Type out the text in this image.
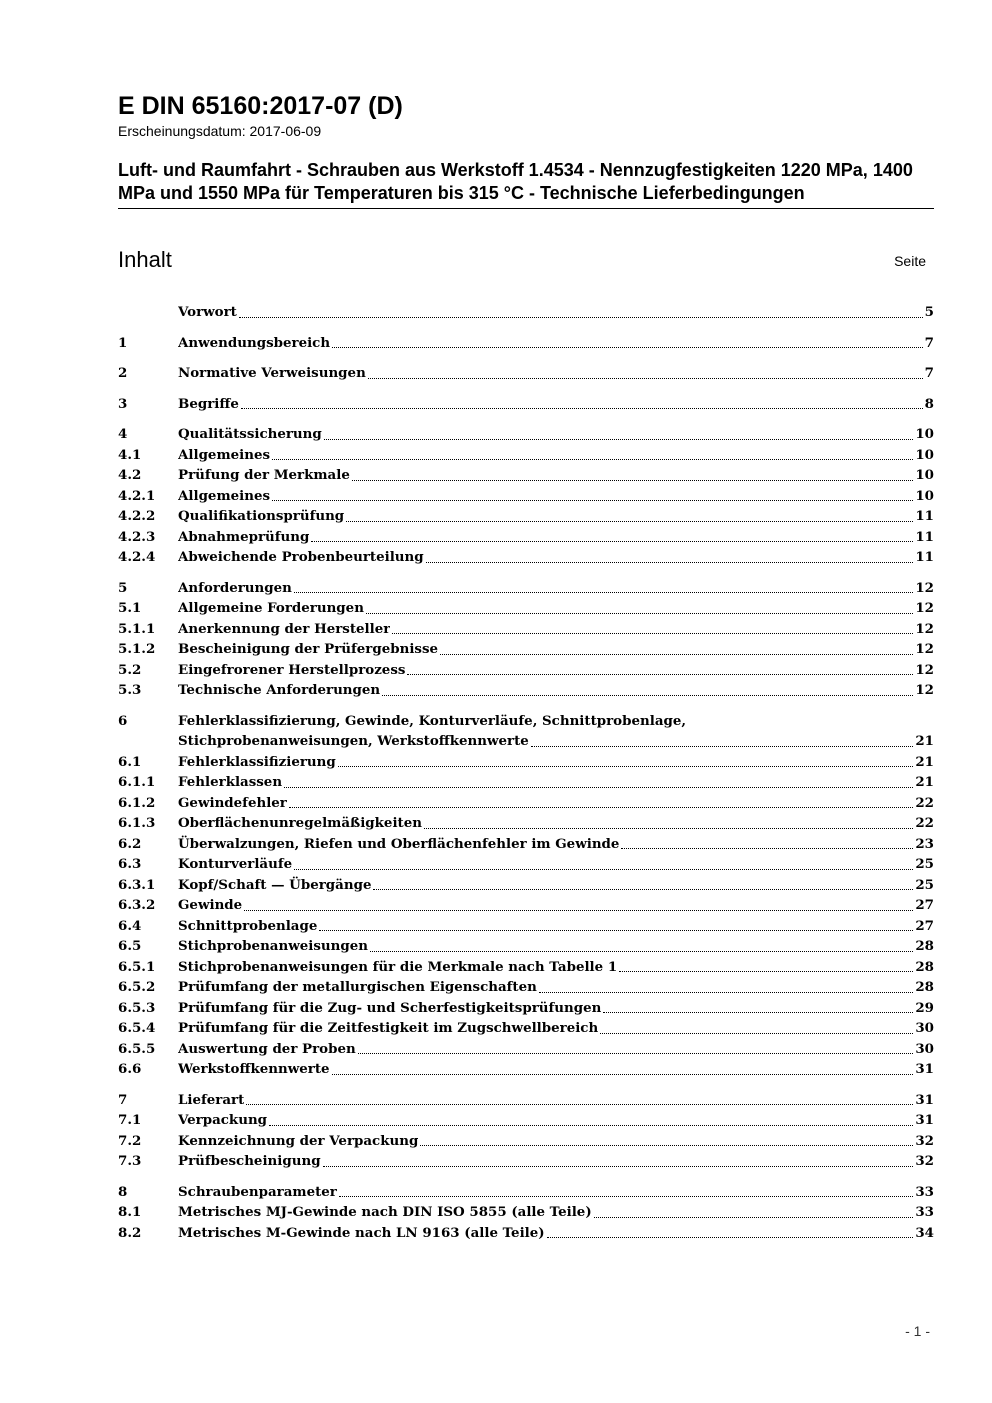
E DIN 65160:2017-07 (D)
Erscheinungsdatum: 2017-06-09
Luft- und Raumfahrt - Schrauben aus Werkstoff 1.4534 - Nennzugfestigkeiten 1220 MPa, 1400 MPa und 1550 MPa für Temperaturen bis 315 °C - Technische Lieferbedingungen
Inhalt	Seite
Vorwort	5
1	Anwendungsbereich	7
2	Normative Verweisungen	7
3	Begriffe	8
4	Qualitätssicherung	10
4.1	Allgemeines	10
4.2	Prüfung der Merkmale	10
4.2.1	Allgemeines	10
4.2.2	Qualifikationsprüfung	11
4.2.3	Abnahmeprüfung	11
4.2.4	Abweichende Probenbeurteilung	11
5	Anforderungen	12
5.1	Allgemeine Forderungen	12
5.1.1	Anerkennung der Hersteller	12
5.1.2	Bescheinigung der Prüfergebnisse	12
5.2	Eingefrorener Herstellprozess	12
5.3	Technische Anforderungen	12
6	Fehlerklassifizierung, Gewinde, Konturverläufe, Schnittprobenlage,
Stichprobenanweisungen, Werkstoffkennwerte	21
6.1	Fehlerklassifizierung	21
6.1.1	Fehlerklassen	21
6.1.2	Gewindefehler	22
6.1.3	Oberflächenunregelmäßigkeiten	22
6.2	Überwalzungen, Riefen und Oberflächenfehler im Gewinde	23
6.3	Konturverläufe	25
6.3.1	Kopf/Schaft — Übergänge	25
6.3.2	Gewinde	27
6.4	Schnittprobenlage	27
6.5	Stichprobenanweisungen	28
6.5.1	Stichprobenanweisungen für die Merkmale nach Tabelle 1	28
6.5.2	Prüfumfang der metallurgischen Eigenschaften	28
6.5.3	Prüfumfang für die Zug- und Scherfestigkeitsprüfungen	29
6.5.4	Prüfumfang für die Zeitfestigkeit im Zugschwellbereich	30
6.5.5	Auswertung der Proben	30
6.6	Werkstoffkennwerte	31
7	Lieferart	31
7.1	Verpackung	31
7.2	Kennzeichnung der Verpackung	32
7.3	Prüfbescheinigung	32
8	Schraubenparameter	33
8.1	Metrisches MJ-Gewinde nach DIN ISO 5855 (alle Teile)	33
8.2	Metrisches M-Gewinde nach LN 9163 (alle Teile)	34
- 1 -
